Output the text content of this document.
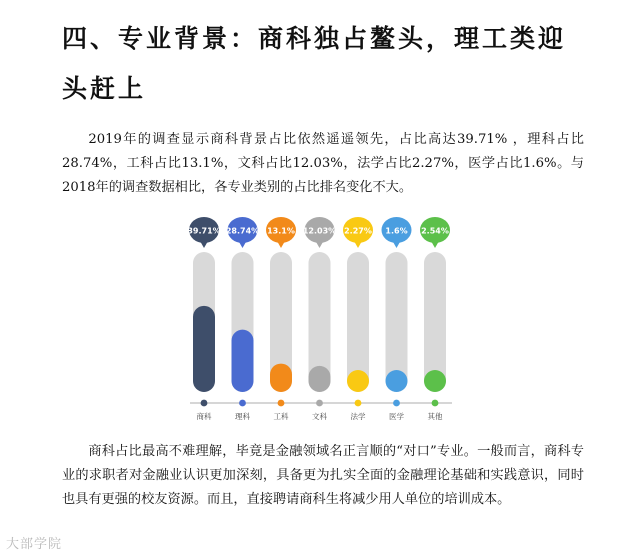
四、专业背景：商科独占鳌头，理工类迎头赶上

2019年的调查显示商科背景占比依然遥遥领先，占比高达39.71% ，理科占比28.74%，工科占比13.1%，文科占比12.03%，法学占比2.27%，医学占比1.6%。与2018年的调查数据相比，各专业类别的占比排名变化不大。

39.71%
商科
28.74%
理科
13.1%
工科
12.03%
文科
2.27%
法学
1.6%
医学
2.54%
其他

商科占比最高不难理解，毕竟是金融领域名正言顺的“对口”专业。一般而言，商科专业的求职者对金融业认识更加深刻，具备更为扎实全面的金融理论基础和实践意识，同时也具有更强的校友资源。而且，直接聘请商科生将减少用人单位的培训成本。

大部学院
